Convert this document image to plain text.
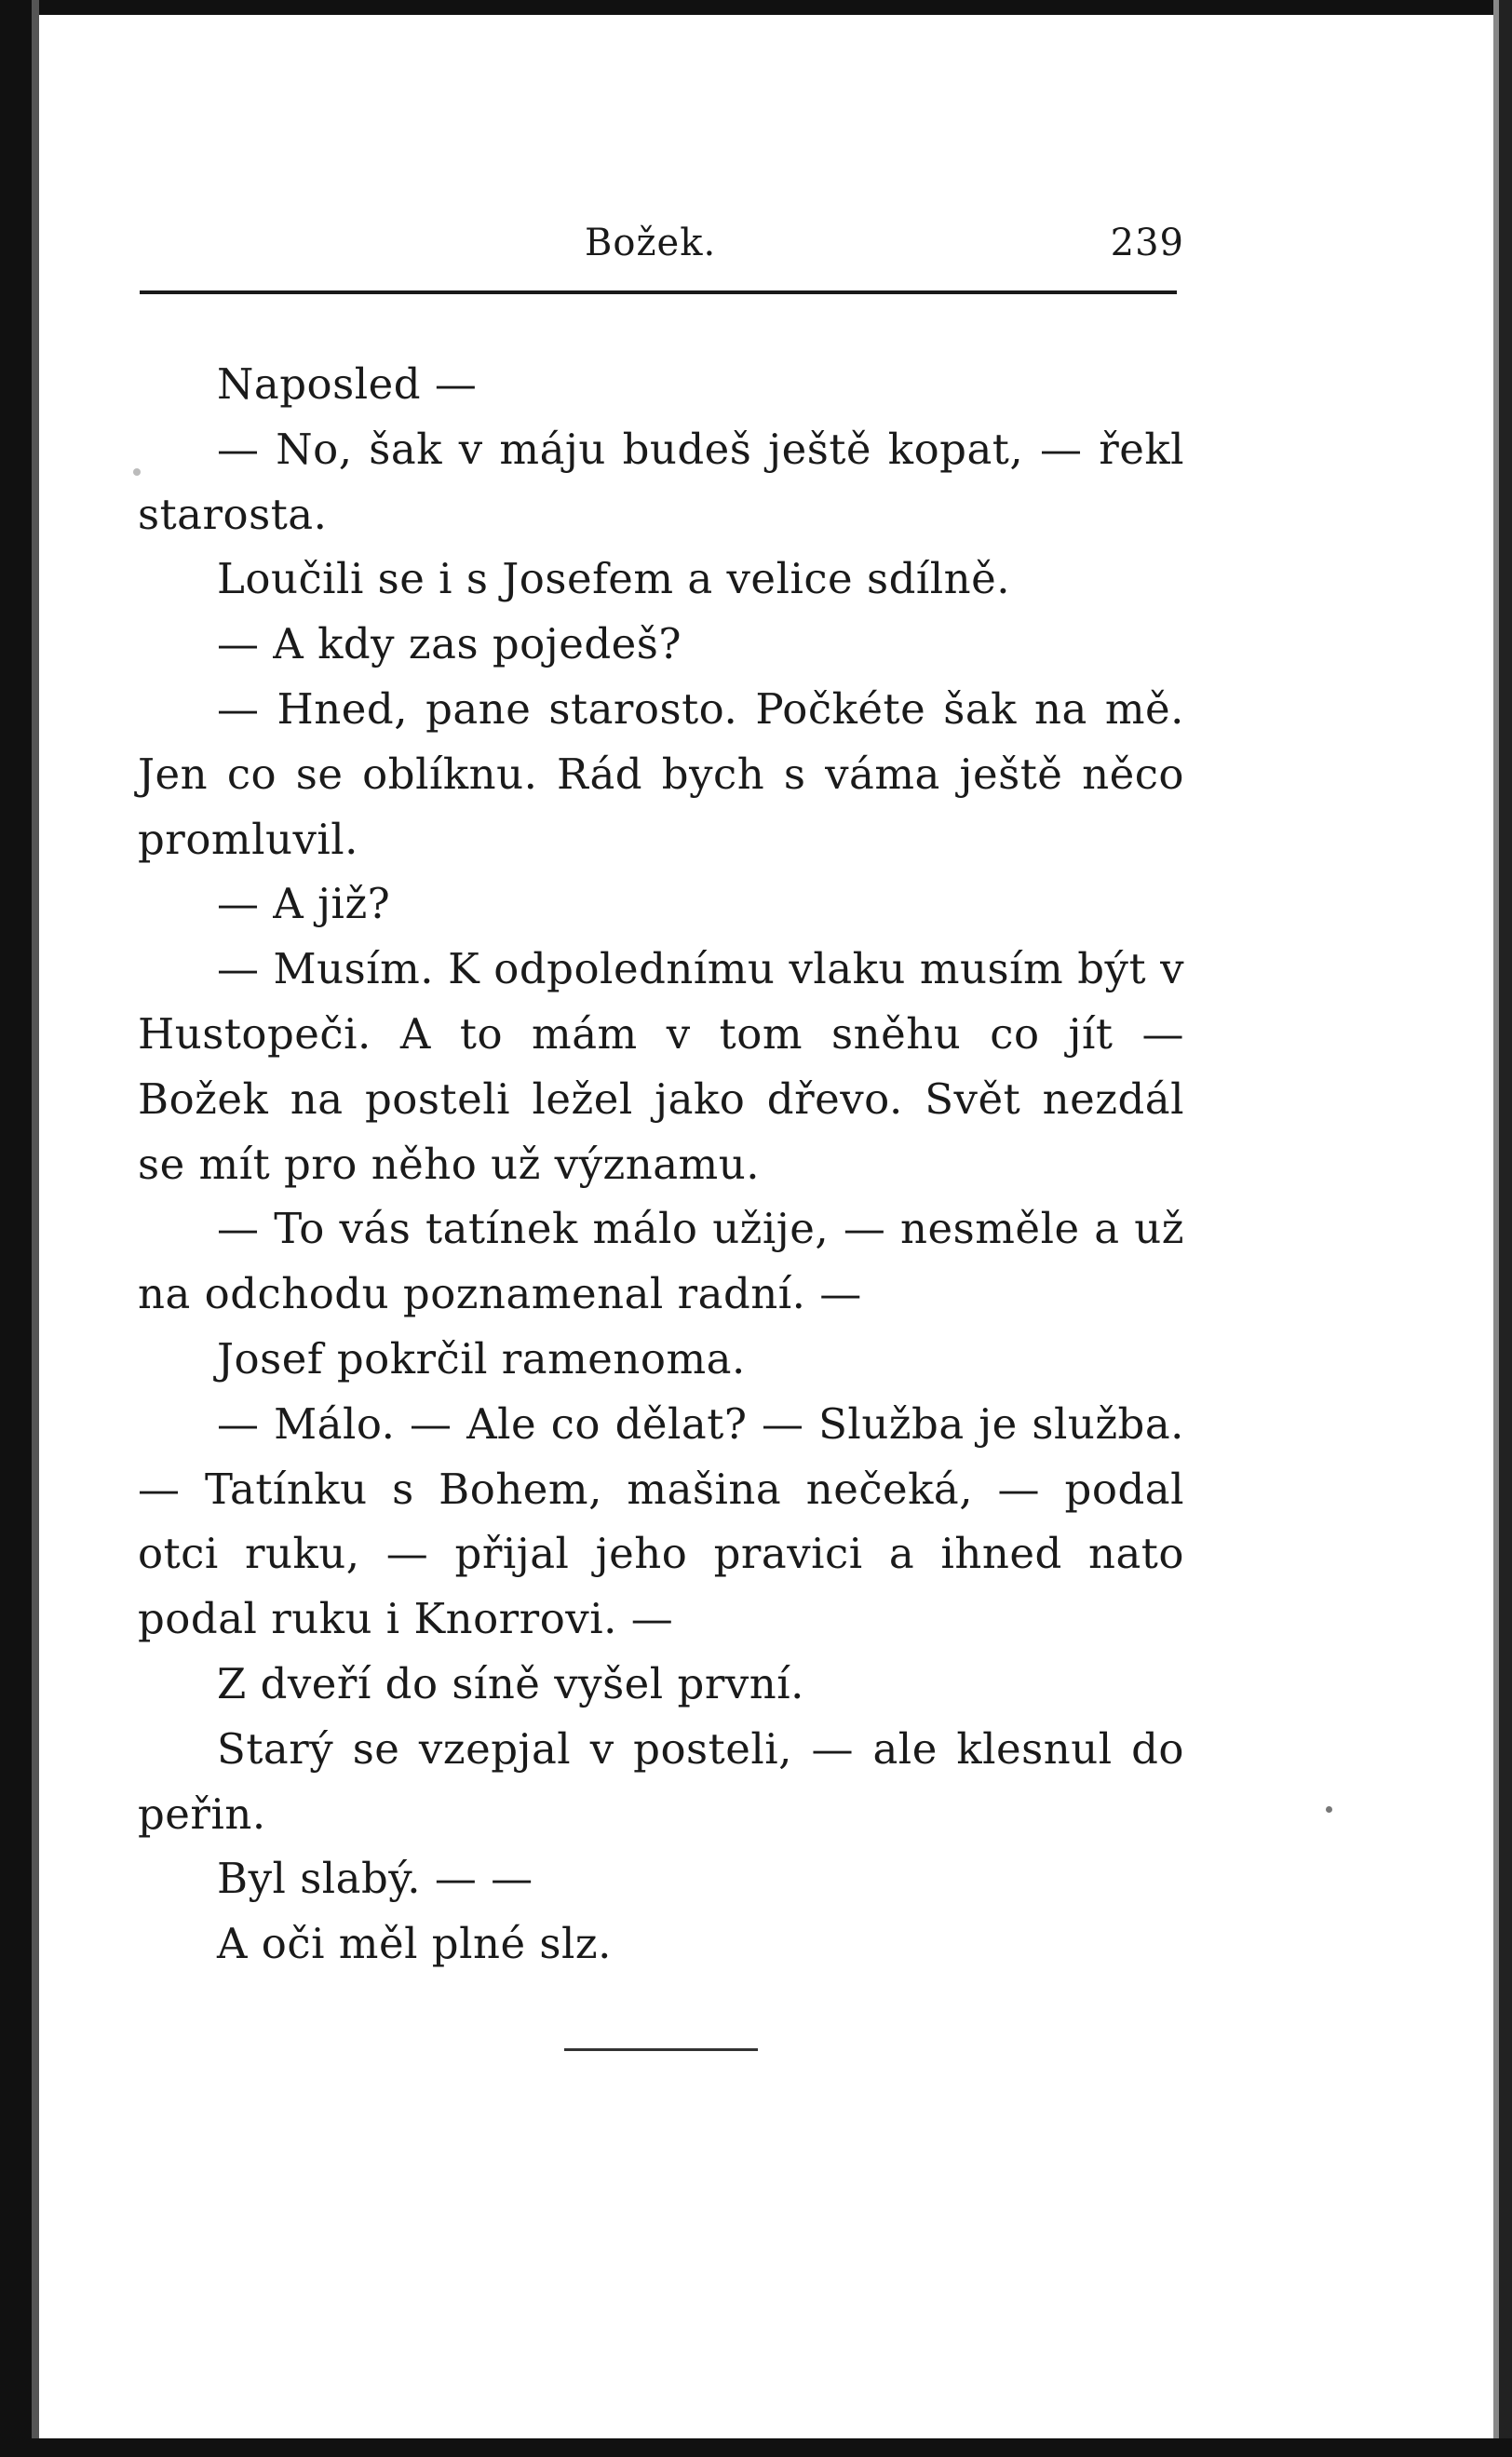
Božek.	239

Naposled —

— No, šak v máju budeš ještě kopat, — řekl starosta.

Loučili se i s Josefem a velice sdílně.

— A kdy zas pojedeš?

— Hned, pane starosto. Počkéte šak na mě. Jen co se oblíknu. Rád bych s váma ještě něco promluvil.

— A již?

— Musím. K odpolednímu vlaku musím být v Hustopeči. A to mám v tom sněhu co jít — Božek na posteli ležel jako dřevo. Svět nezdál se mít pro něho už významu.

— To vás tatínek málo užije, — nesměle a už na odchodu poznamenal radní. —

Josef pokrčil ramenoma.

— Málo. — Ale co dělat? — Služba je služba. — Tatínku s Bohem, mašina nečeká, — podal otci ruku, — přijal jeho pravici a ihned nato podal ruku i Knorrovi. —

Z dveří do síně vyšel první.

Starý se vzepjal v posteli, — ale klesnul do peřin.

Byl slabý. — —

A oči měl plné slz.
